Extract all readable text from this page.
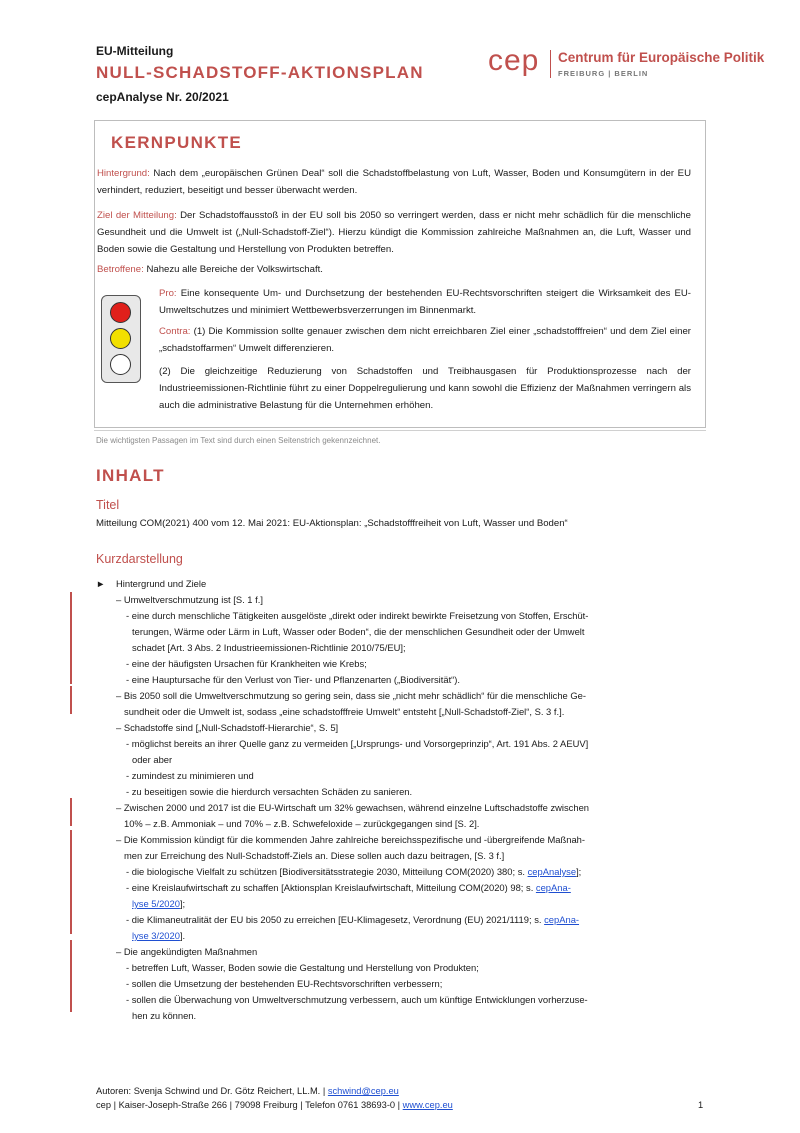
EU-Mitteilung
NULL-SCHADSTOFF-AKTIONSPLAN
cepAnalyse Nr. 20/2021
cep Centrum für Europäische Politik
FREIBURG | BERLIN
KERNPUNKTE
Hintergrund: Nach dem „europäischen Grünen Deal“ soll die Schadstoffbelastung von Luft, Wasser, Boden und Konsumgütern in der EU verhindert, reduziert, beseitigt und besser überwacht werden.
Ziel der Mitteilung: Der Schadstoffausstoß in der EU soll bis 2050 so verringert werden, dass er nicht mehr schädlich für die menschliche Gesundheit und die Umwelt ist („Null-Schadstoff-Ziel“). Hierzu kündigt die Kommission zahlreiche Maßnahmen an, die Luft, Wasser und Boden sowie die Gestaltung und Herstellung von Produkten betreffen.
Betroffene: Nahezu alle Bereiche der Volkswirtschaft.
Pro: Eine konsequente Um- und Durchsetzung der bestehenden EU-Rechtsvorschriften steigert die Wirksamkeit des EU-Umweltschutzes und minimiert Wettbewerbsverzerrungen im Binnenmarkt.
Contra: (1) Die Kommission sollte genauer zwischen dem nicht erreichbaren Ziel einer „schadstofffreien“ und dem Ziel einer „schadstoffarmen“ Umwelt differenzieren.
(2) Die gleichzeitige Reduzierung von Schadstoffen und Treibhausgasen für Produktionsprozesse nach der Industrieemissionen-Richtlinie führt zu einer Doppelregulierung und kann sowohl die Effizienz der Maßnahmen verringern als auch die administrative Belastung für die Unternehmen erhöhen.
Die wichtigsten Passagen im Text sind durch einen Seitenstrich gekennzeichnet.
INHALT
Titel
Mitteilung COM(2021) 400 vom 12. Mai 2021: EU-Aktionsplan: „Schadstofffreiheit von Luft, Wasser und Boden“
Kurzdarstellung
► Hintergrund und Ziele
– Umweltverschmutzung ist [S. 1 f.]
- eine durch menschliche Tätigkeiten ausgelöste „direkt oder indirekt bewirkte Freisetzung von Stoffen, Erschüt-
terungen, Wärme oder Lärm in Luft, Wasser oder Boden“, die der menschlichen Gesundheit oder der Umwelt
schadet [Art. 3 Abs. 2 Industrieemissionen-Richtlinie 2010/75/EU];
- eine der häufigsten Ursachen für Krankheiten wie Krebs;
- eine Hauptursache für den Verlust von Tier- und Pflanzenarten („Biodiversität“).
– Bis 2050 soll die Umweltverschmutzung so gering sein, dass sie „nicht mehr schädlich“ für die menschliche Ge-
sundheit oder die Umwelt ist, sodass „eine schadstofffreie Umwelt“ entsteht [„Null-Schadstoff-Ziel“, S. 3 f.].
– Schadstoffe sind [„Null-Schadstoff-Hierarchie“, S. 5]
- möglichst bereits an ihrer Quelle ganz zu vermeiden [„Ursprungs- und Vorsorgeprinzip“, Art. 191 Abs. 2 AEUV]
oder aber
- zumindest zu minimieren und
- zu beseitigen sowie die hierdurch versachten Schäden zu sanieren.
– Zwischen 2000 und 2017 ist die EU-Wirtschaft um 32% gewachsen, während einzelne Luftschadstoffe zwischen
10% – z.B. Ammoniak – und 70% – z.B. Schwefeloxide – zurückgegangen sind [S. 2].
– Die Kommission kündigt für die kommenden Jahre zahlreiche bereichsspezifische und -übergreifende Maßnah-
men zur Erreichung des Null-Schadstoff-Ziels an. Diese sollen auch dazu beitragen, [S. 3 f.]
- die biologische Vielfalt zu schützen [Biodiversitätsstrategie 2030, Mitteilung COM(2020) 380; s. cepAnalyse];
- eine Kreislaufwirtschaft zu schaffen [Aktionsplan Kreislaufwirtschaft, Mitteilung COM(2020) 98; s. cepAna-
lyse 5/2020];
- die Klimaneutralität der EU bis 2050 zu erreichen [EU-Klimagesetz, Verordnung (EU) 2021/1119; s. cepAna-
lyse 3/2020].
– Die angekündigten Maßnahmen
- betreffen Luft, Wasser, Boden sowie die Gestaltung und Herstellung von Produkten;
- sollen die Umsetzung der bestehenden EU-Rechtsvorschriften verbessern;
- sollen die Überwachung von Umweltverschmutzung verbessern, auch um künftige Entwicklungen vorherzuse-
hen zu können.
Autoren: Svenja Schwind und Dr. Götz Reichert, LL.M. | schwind@cep.eu
cep | Kaiser-Joseph-Straße 266 | 79098 Freiburg | Telefon 0761 38693-0 | www.cep.eu	1
